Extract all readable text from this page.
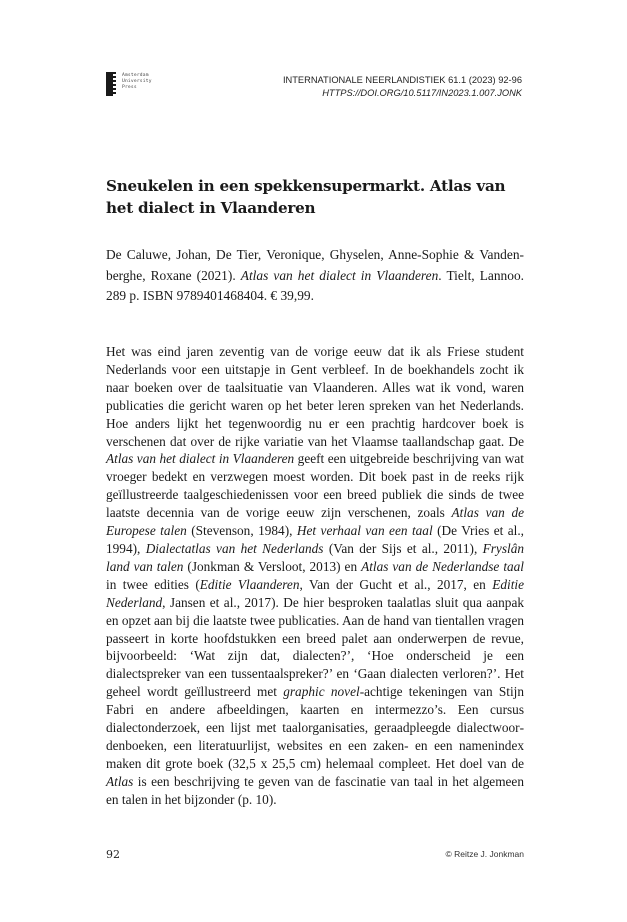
Amsterdam
University
Press
INTERNATIONALE NEERLANDISTIEK 61.1 (2023) 92-96
HTTPS://DOI.ORG/10.5117/IN2023.1.007.JONK
Sneukelen in een spekkensupermarkt. Atlas van het dialect in Vlaanderen
De Caluwe, Johan, De Tier, Veronique, Ghyselen, Anne-Sophie & Vandenberghe, Roxane (2021). Atlas van het dialect in Vlaanderen. Tielt, Lannoo. 289 p. ISBN 9789401468404. € 39,99.

Het was eind jaren zeventig van de vorige eeuw dat ik als Friese student Nederlands voor een uitstapje in Gent verbleef. In de boekhandels zocht ik naar boeken over de taalsituatie van Vlaanderen. Alles wat ik vond, waren publicaties die gericht waren op het beter leren spreken van het Nederlands. Hoe anders lijkt het tegenwoordig nu er een prachtig hardcover boek is verschenen dat over de rijke variatie van het Vlaamse taallandschap gaat. De Atlas van het dialect in Vlaanderen geeft een uitgebreide beschrijving van wat vroeger bedekt en verzwegen moest worden. Dit boek past in de reeks rijk geïllustreerde taalgeschiedenissen voor een breed publiek die sinds de twee laatste decennia van de vorige eeuw zijn verschenen, zoals Atlas van de Europese talen (Stevenson, 1984), Het verhaal van een taal (De Vries et al., 1994), Dialectatlas van het Nederlands (Van der Sijs et al., 2011), Fryslân land van talen (Jonkman & Versloot, 2013) en Atlas van de Nederlandse taal in twee edities (Editie Vlaanderen, Van der Gucht et al., 2017, en Editie Nederland, Jansen et al., 2017). De hier besproken taalatlas sluit qua aanpak en opzet aan bij die laatste twee publicaties. Aan de hand van tientallen vragen passeert in korte hoofdstukken een breed palet aan onderwerpen de revue, bijvoorbeeld: ‘Wat zijn dat, dialecten?’, ‘Hoe onderscheid je een dialectspreker van een tussentaalspreker?’ en ‘Gaan dialecten verloren?’. Het geheel wordt geïllustreerd met graphic novel-achtige tekeningen van Stijn Fabri en andere afbeeldingen, kaarten en intermezzo’s. Een cursus dialectonderzoek, een lijst met taalorganisaties, geraadpleegde dialectwoordenboeken, een literatuurlijst, websites en een zaken- en een namenindex maken dit grote boek (32,5 x 25,5 cm) helemaal compleet. Het doel van de Atlas is een beschrijving te geven van de fascinatie van taal in het algemeen en talen in het bijzonder (p. 10).

92	© Reitze J. Jonkman
